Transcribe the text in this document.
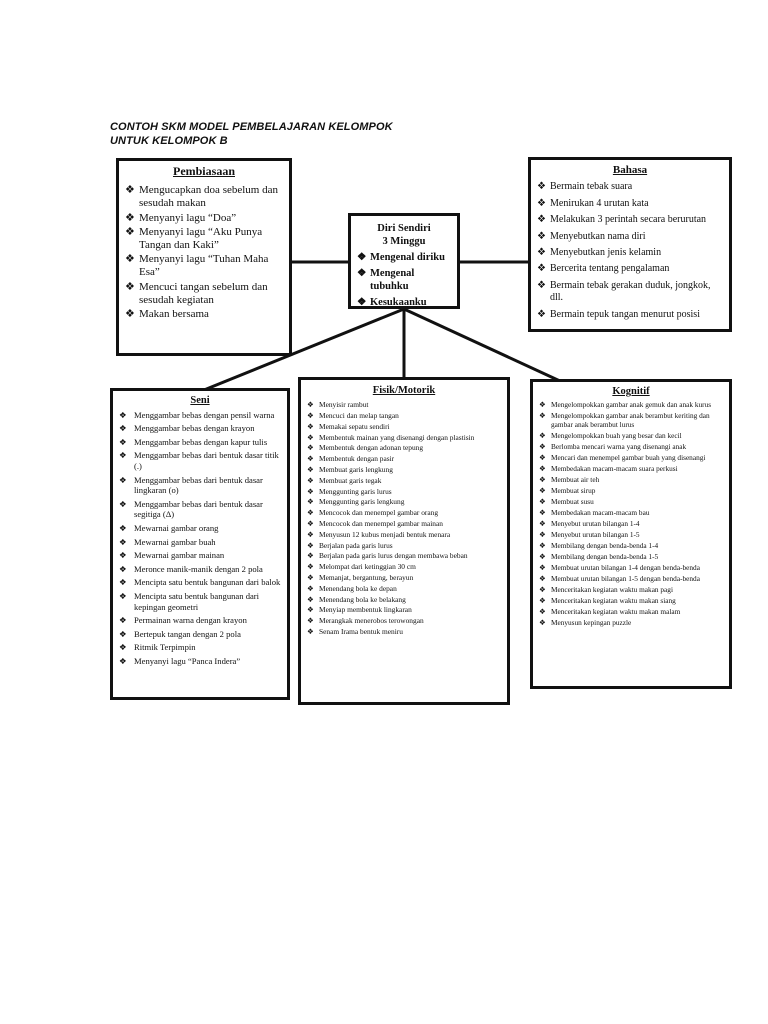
CONTOH SKM MODEL PEMBELAJARAN KELOMPOK
UNTUK KELOMPOK B
Pembiasaan
❖ Mengucapkan doa sebelum dan sesudah makan
❖ Menyanyi lagu “Doa”
❖ Menyanyi lagu “Aku Punya Tangan dan Kaki”
❖ Menyanyi lagu “Tuhan Maha Esa”
❖ Mencuci tangan sebelum dan sesudah kegiatan
❖ Makan bersama
Diri Sendiri
3 Minggu
❖ Mengenal diriku
❖ Mengenal tubuhku
❖ Kesukaanku
Bahasa
❖ Bermain tebak suara
❖ Menirukan 4 urutan kata
❖ Melakukan 3 perintah secara berurutan
❖ Menyebutkan nama diri
❖ Menyebutkan jenis kelamin
❖ Bercerita tentang pengalaman
❖ Bermain tebak gerakan duduk, jongkok, dll.
❖ Bermain tepuk tangan menurut posisi
Seni
❖ Menggambar bebas dengan pensil warna
❖ Menggambar bebas dengan krayon
❖ Menggambar bebas dengan kapur tulis
❖ Menggambar bebas dari bentuk dasar titik (.)
❖ Menggambar bebas dari bentuk dasar lingkaran (o)
❖ Menggambar bebas dari bentuk dasar segitiga (Δ)
❖ Mewarnai gambar orang
❖ Mewarnai gambar buah
❖ Mewarnai gambar mainan
❖ Meronce manik-manik dengan 2 pola
❖ Mencipta satu bentuk bangunan dari balok
❖ Mencipta satu bentuk bangunan dari kepingan geometri
❖ Permainan warna dengan krayon
❖ Bertepuk tangan dengan 2 pola
❖ Ritmik Terpimpin
❖ Menyanyi lagu “Panca Indera”
Fisik/Motorik
❖ Menyisir rambut
❖ Mencuci dan melap tangan
❖ Memakai sepatu sendiri
❖ Membentuk mainan yang disenangi dengan plastisin
❖ Membentuk dengan adonan tepung
❖ Membentuk dengan pasir
❖ Membuat garis lengkung
❖ Membuat garis tegak
❖ Menggunting garis lurus
❖ Menggunting garis lengkung
❖ Mencocok dan menempel gambar orang
❖ Mencocok dan menempel gambar mainan
❖ Menyusun 12 kubus menjadi bentuk menara
❖ Berjalan pada garis lurus
❖ Berjalan pada garis lurus dengan membawa beban
❖ Melompat dari ketinggian 30 cm
❖ Memanjat, bergantung, berayun
❖ Menendang bola ke depan
❖ Menendang bola ke belakang
❖ Menyiap membentuk lingkaran
❖ Merangkak menerobos terowongan
❖ Senam Irama bentuk meniru
Kognitif
❖ Mengelompokkan gambar anak gemuk dan anak kurus
❖ Mengelompokkan gambar anak berambut keriting dan gambar anak berambut lurus
❖ Mengelompokkan buah yang besar dan kecil
❖ Berlomba mencari warna yang disenangi anak
❖ Mencari dan menempel gambar buah yang disenangi
❖ Membedakan macam-macam suara perkusi
❖ Membuat air teh
❖ Membuat sirup
❖ Membuat susu
❖ Membedakan macam-macam bau
❖ Menyebut urutan bilangan 1-4
❖ Menyebut urutan bilangan 1-5
❖ Membilang dengan benda-benda 1-4
❖ Membilang dengan benda-benda 1-5
❖ Membuat urutan bilangan 1-4 dengan benda-benda
❖ Membuat urutan bilangan 1-5 dengan benda-benda
❖ Menceritakan kegiatan waktu makan pagi
❖ Menceritakan kegiatan waktu makan siang
❖ Menceritakan kegiatan waktu makan malam
❖ Menyusun kepingan puzzle
